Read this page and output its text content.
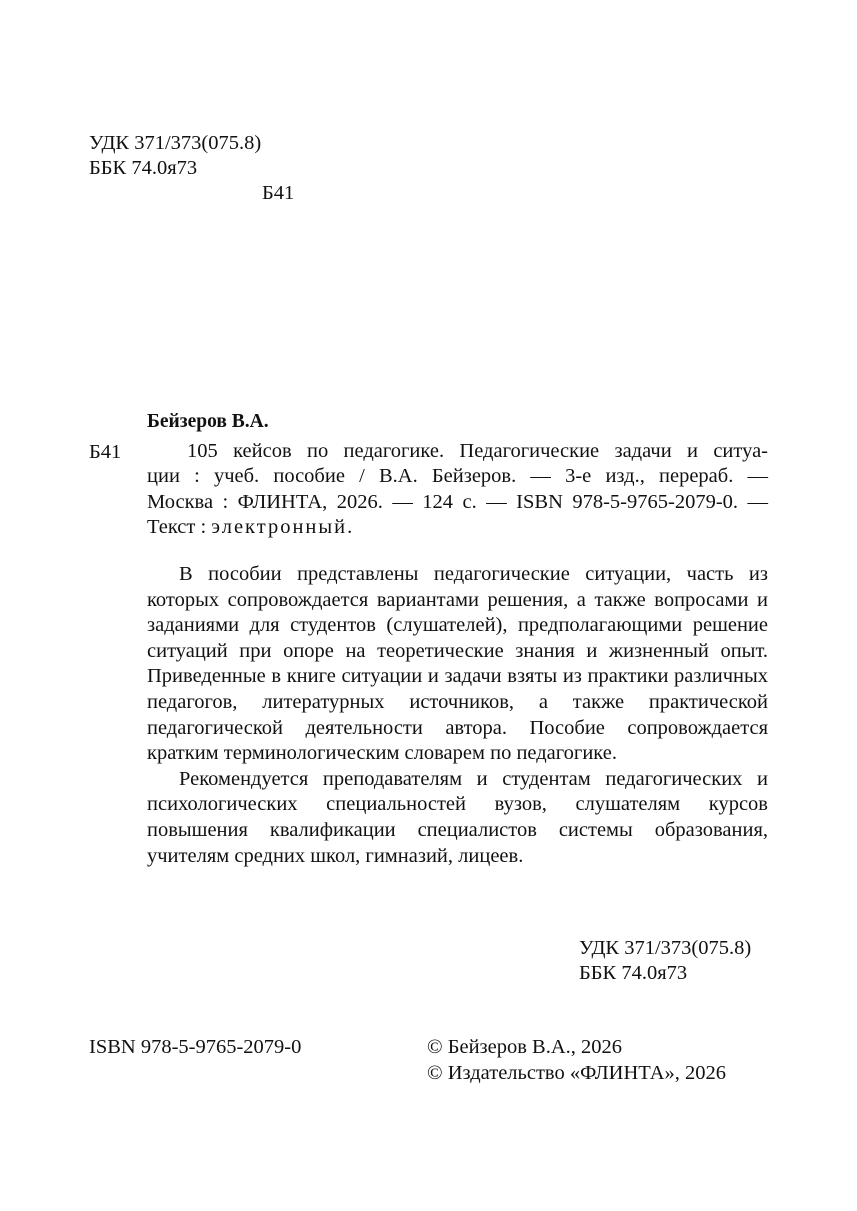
УДК 371/373(075.8)
ББК 74.0я73
Б41
Бейзеров В.А.
Б41	105 кейсов по педагогике. Педагогические задачи и ситуа-
ции : учеб. пособие / В.А. Бейзеров. — 3-е изд., перераб. —
Москва : ФЛИНТА, 2026. — 124 с. — ISBN 978-5-9765-2079-0. —
Текст : электронный.

В пособии представлены педагогические ситуации, часть из которых сопровождается вариантами решения, а также вопросами и заданиями для студентов (слушателей), предполагающими решение ситуаций при опоре на теоретические знания и жизненный опыт. Приведенные в книге ситуации и задачи взяты из практики различных педагогов, литературных источников, а также практической педагогической деятельности автора. Пособие сопровождается кратким терминологическим словарем по педагогике.

Рекомендуется преподавателям и студентам педагогических и психологических специальностей вузов, слушателям курсов повышения квалификации специалистов системы образования, учителям средних школ, гимназий, лицеев.

УДК 371/373(075.8)
ББК 74.0я73
ISBN 978-5-9765-2079-0	© Бейзеров В.А., 2026
© Издательство «ФЛИНТА», 2026
